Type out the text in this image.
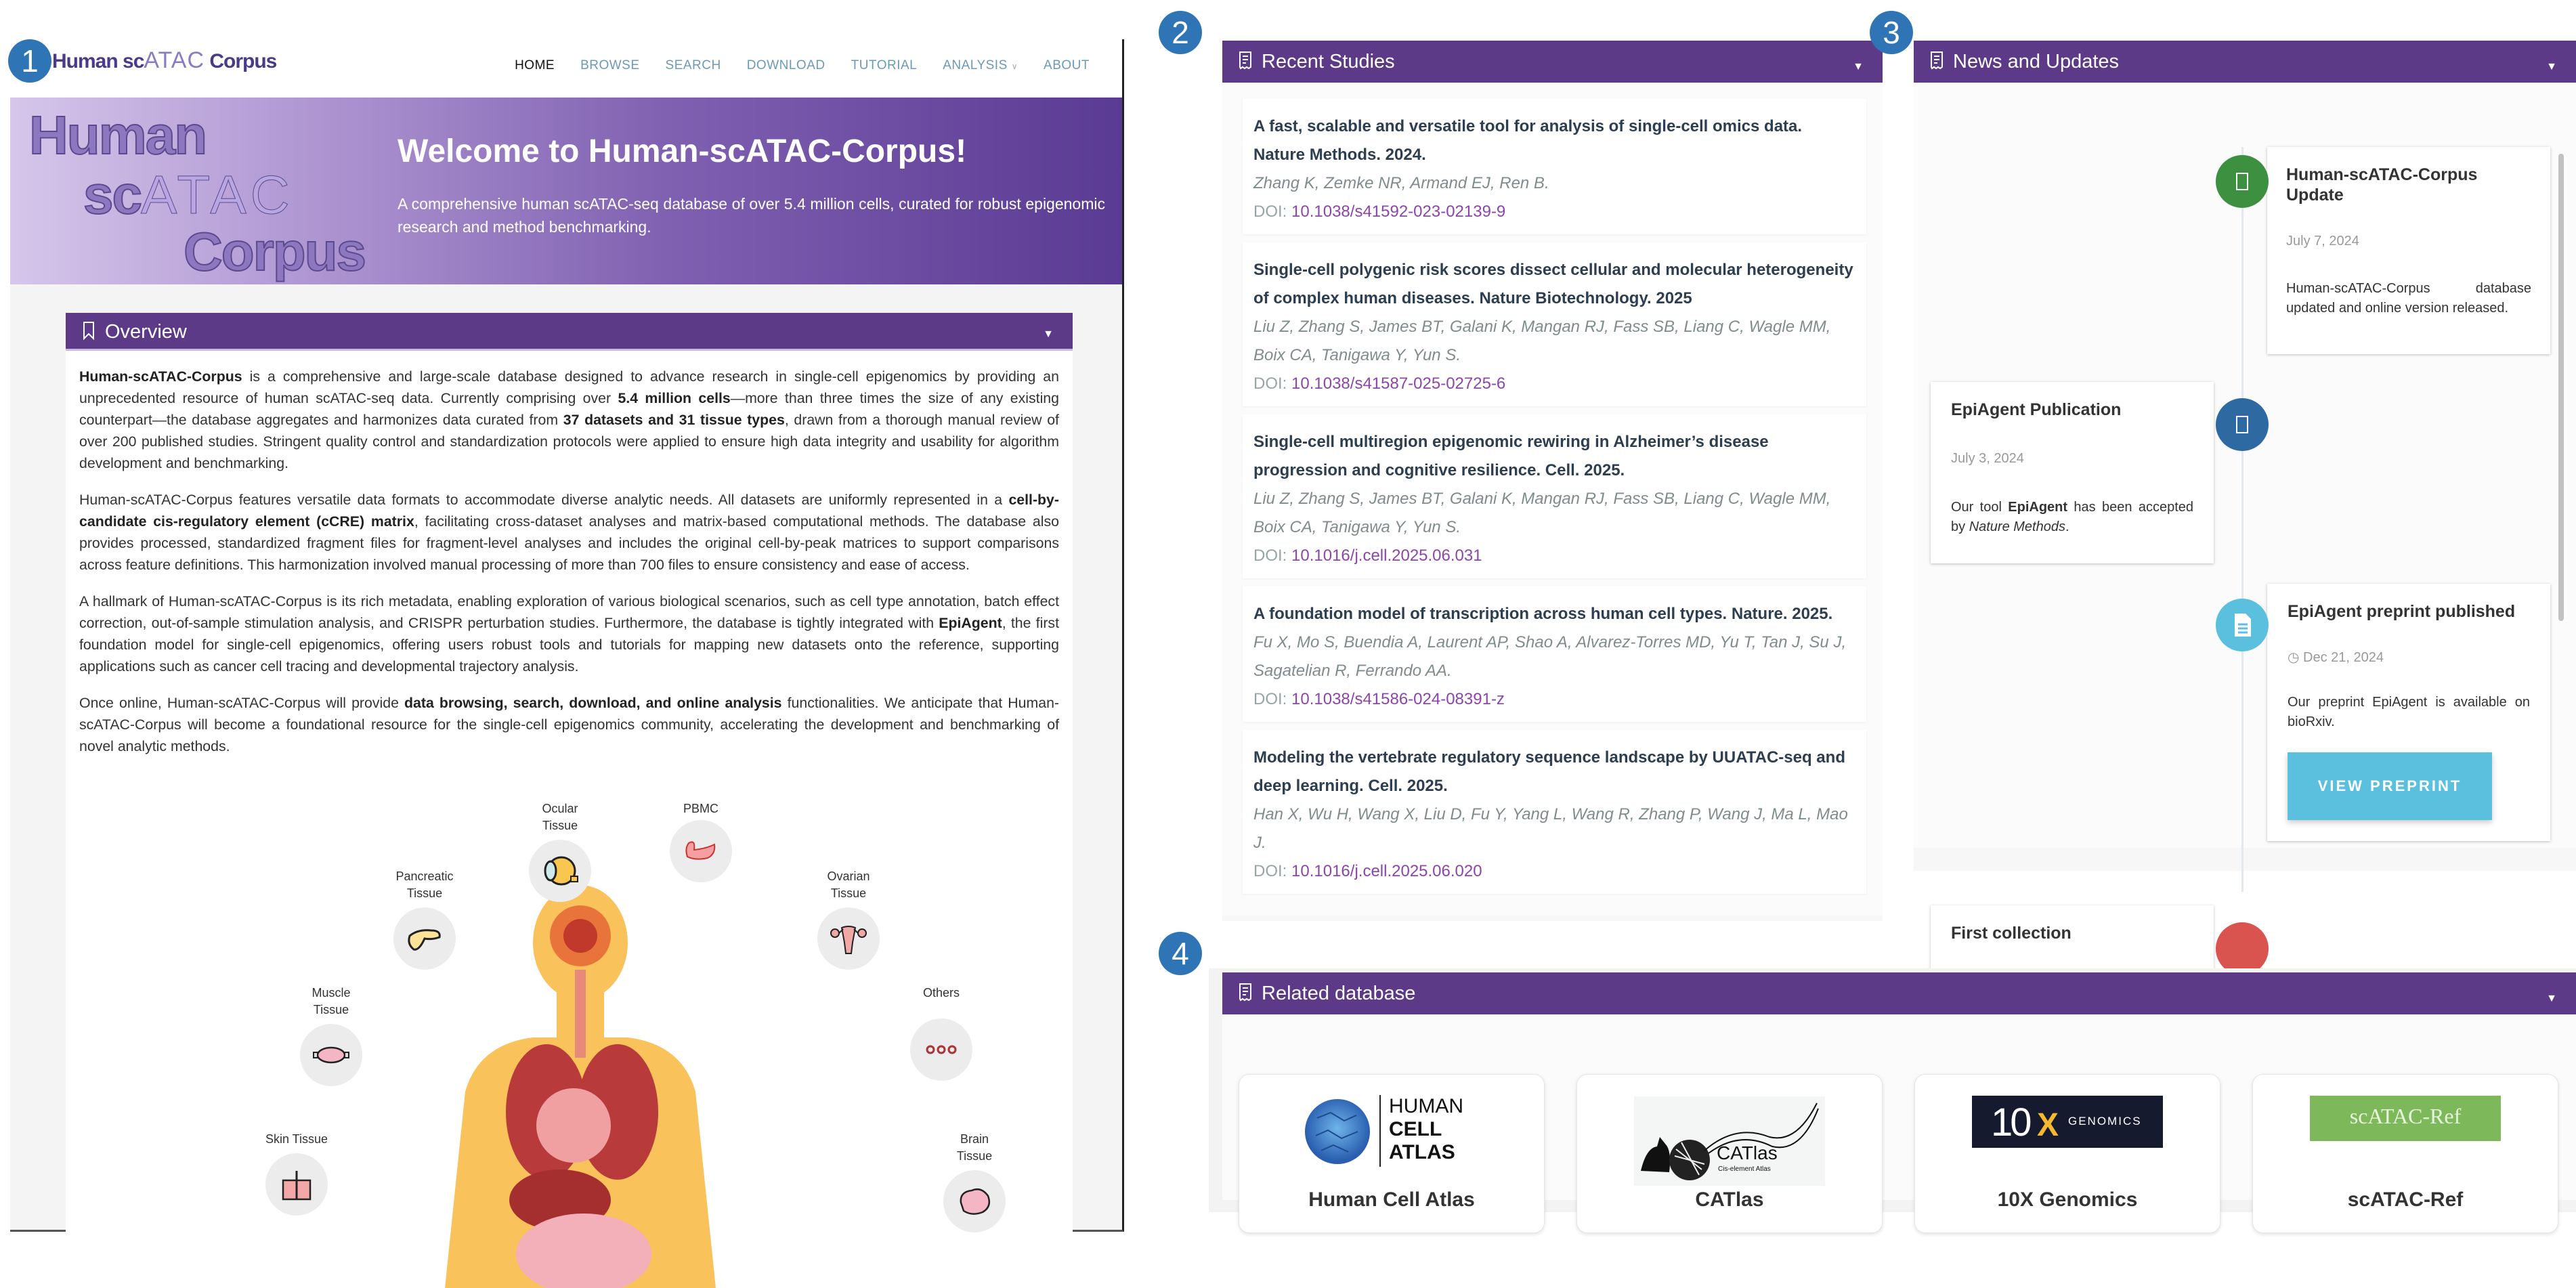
1
2	3
4
Human scATAC Corpus	HOME BROWSE SEARCH DOWNLOAD TUTORIAL ANALYSIS ∨ ABOUT
Human
scATAC
Corpus
Welcome to Human-scATAC-Corpus!
A comprehensive human scATAC-seq database of over 5.4 million cells, curated for robust epigenomic research and method benchmarking.
Overview	▼

Human-scATAC-Corpus is a comprehensive and large-scale database designed to advance research in single-cell epigenomics by providing an unprecedented resource of human scATAC-seq data. Currently comprising over 5.4 million cells—more than three times the size of any existing counterpart—the database aggregates and harmonizes data curated from 37 datasets and 31 tissue types, drawn from a thorough manual review of over 200 published studies. Stringent quality control and standardization protocols were applied to ensure high data integrity and usability for algorithm development and benchmarking.

Human-scATAC-Corpus features versatile data formats to accommodate diverse analytic needs. All datasets are uniformly represented in a cell-by-candidate cis-regulatory element (cCRE) matrix, facilitating cross-dataset analyses and matrix-based computational methods. The database also provides processed, standardized fragment files for fragment-level analyses and includes the original cell-by-peak matrices to support comparisons across feature definitions. This harmonization involved manual processing of more than 700 files to ensure consistency and ease of access.

A hallmark of Human-scATAC-Corpus is its rich metadata, enabling exploration of various biological scenarios, such as cell type annotation, batch effect correction, out-of-sample stimulation analysis, and CRISPR perturbation studies. Furthermore, the database is tightly integrated with EpiAgent, the first foundation model for single-cell epigenomics, offering users robust tools and tutorials for mapping new datasets onto the reference, supporting applications such as cancer cell tracing and developmental trajectory analysis.

Once online, Human-scATAC-Corpus will provide data browsing, search, download, and online analysis functionalities. We anticipate that Human-scATAC-Corpus will become a foundational resource for the single-cell epigenomics community, accelerating the development and benchmarking of novel analytic methods.

Ocular
Tissue
PBMC
Pancreatic
Tissue
Ovarian
Tissue
Muscle
Tissue
Others
Skin Tissue	Brain
Tissue
Recent Studies	▼
A fast, scalable and versatile tool for analysis of single-cell omics data. Nature Methods. 2024.
Zhang K, Zemke NR, Armand EJ, Ren B.
DOI: 10.1038/s41592-023-02139-9
Single-cell polygenic risk scores dissect cellular and molecular heterogeneity of complex human diseases. Nature Biotechnology. 2025
Liu Z, Zhang S, James BT, Galani K, Mangan RJ, Fass SB, Liang C, Wagle MM, Boix CA, Tanigawa Y, Yun S.
DOI: 10.1038/s41587-025-02725-6
Single-cell multiregion epigenomic rewiring in Alzheimer’s disease progression and cognitive resilience. Cell. 2025.
Liu Z, Zhang S, James BT, Galani K, Mangan RJ, Fass SB, Liang C, Wagle MM, Boix CA, Tanigawa Y, Yun S.
DOI: 10.1016/j.cell.2025.06.031
A foundation model of transcription across human cell types. Nature. 2025.
Fu X, Mo S, Buendia A, Laurent AP, Shao A, Alvarez-Torres MD, Yu T, Tan J, Su J, Sagatelian R, Ferrando AA.
DOI: 10.1038/s41586-024-08391-z
Modeling the vertebrate regulatory sequence landscape by UUATAC-seq and deep learning. Cell. 2025.
Han X, Wu H, Wang X, Liu D, Fu Y, Yang L, Wang R, Zhang P, Wang J, Ma L, Mao J.
DOI: 10.1016/j.cell.2025.06.020
News and Updates	▼
Human-scATAC-Corpus Update
July 7, 2024
Human-scATAC-Corpus database updated and online version released.
EpiAgent Publication
July 3, 2024
Our tool EpiAgent has been accepted by Nature Methods.
EpiAgent preprint published
◷ Dec 21, 2024
Our preprint EpiAgent is available on bioRxiv.
VIEW PREPRINT
First collection
Related database	▼
HUMAN
CELL
ATLAS
Human Cell Atlas
CATlas
Cis-element Atlas
CATlas
10 X GENOMICS
10X Genomics
scATAC-Ref
scATAC-Ref
